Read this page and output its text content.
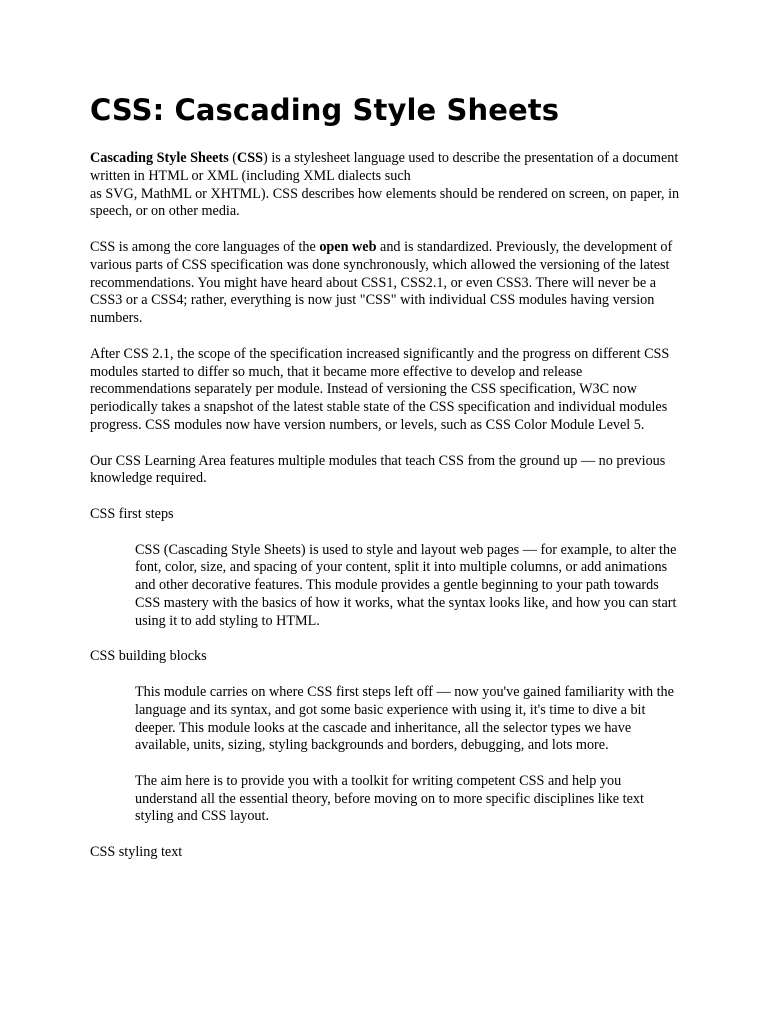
CSS: Cascading Style Sheets

Cascading Style Sheets (CSS) is a stylesheet language used to describe the presentation of a document written in HTML or XML (including XML dialects such
as SVG, MathML or XHTML). CSS describes how elements should be rendered on screen, on paper, in speech, or on other media.

CSS is among the core languages of the open web and is standardized. Previously, the development of various parts of CSS specification was done synchronously, which allowed the versioning of the latest recommendations. You might have heard about CSS1, CSS2.1, or even CSS3. There will never be a CSS3 or a CSS4; rather, everything is now just "CSS" with individual CSS modules having version numbers.

After CSS 2.1, the scope of the specification increased significantly and the progress on different CSS modules started to differ so much, that it became more effective to develop and release recommendations separately per module. Instead of versioning the CSS specification, W3C now periodically takes a snapshot of the latest stable state of the CSS specification and individual modules progress. CSS modules now have version numbers, or levels, such as CSS Color Module Level 5.

Our CSS Learning Area features multiple modules that teach CSS from the ground up — no previous knowledge required.

CSS first steps

CSS (Cascading Style Sheets) is used to style and layout web pages — for example, to alter the font, color, size, and spacing of your content, split it into multiple columns, or add animations and other decorative features. This module provides a gentle beginning to your path towards CSS mastery with the basics of how it works, what the syntax looks like, and how you can start using it to add styling to HTML.

CSS building blocks

This module carries on where CSS first steps left off — now you've gained familiarity with the language and its syntax, and got some basic experience with using it, it's time to dive a bit deeper. This module looks at the cascade and inheritance, all the selector types we have available, units, sizing, styling backgrounds and borders, debugging, and lots more.

The aim here is to provide you with a toolkit for writing competent CSS and help you understand all the essential theory, before moving on to more specific disciplines like text styling and CSS layout.

CSS styling text
